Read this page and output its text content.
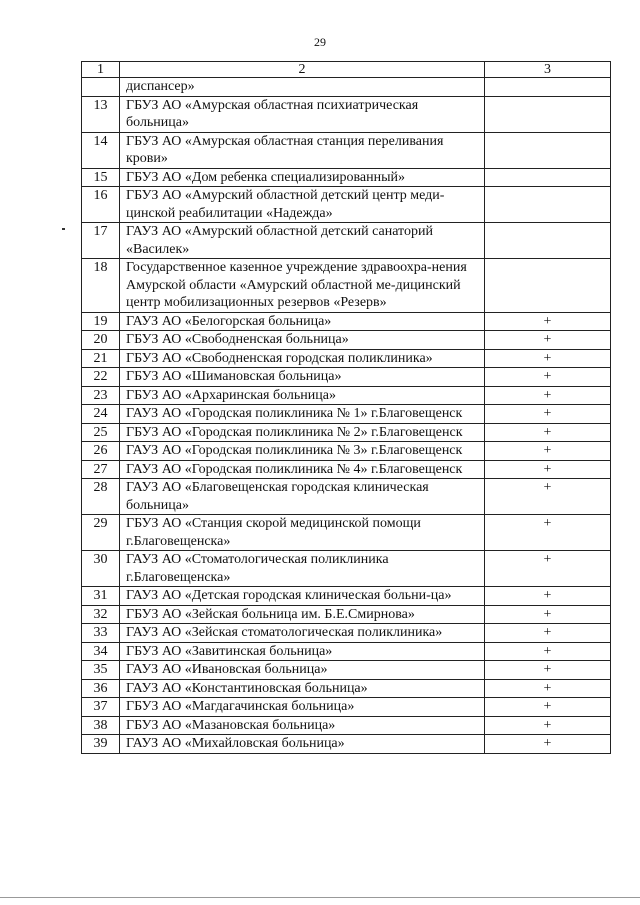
29
1	2	3
	диспансер»	
13	ГБУЗ АО «Амурская областная психиатрическая больница»	
14	ГБУЗ АО «Амурская областная станция переливания крови»	
15	ГБУЗ АО «Дом ребенка специализированный»	
16	ГБУЗ АО «Амурский областной детский центр меди-цинской реабилитации «Надежда»	
17	ГАУЗ АО «Амурский областной детский санаторий «Василек»	
18	Государственное казенное учреждение здравоохра-нения Амурской области «Амурский областной ме-дицинский центр мобилизационных резервов «Резерв»	
19	ГАУЗ АО «Белогорская больница»	+
20	ГБУЗ АО «Свободненская больница»	+
21	ГБУЗ АО «Свободненская городская поликлиника»	+
22	ГБУЗ АО «Шимановская больница»	+
23	ГБУЗ АО «Архаринская больница»	+
24	ГАУЗ АО «Городская поликлиника № 1» г.Благовещенск	+
25	ГБУЗ АО «Городская поликлиника № 2» г.Благовещенск	+
26	ГАУЗ АО «Городская поликлиника № 3» г.Благовещенск	+
27	ГАУЗ АО «Городская поликлиника № 4» г.Благовещенск	+
28	ГАУЗ АО «Благовещенская городская клиническая больница»	+
29	ГБУЗ АО «Станция скорой медицинской помощи г.Благовещенска»	+
30	ГАУЗ АО «Стоматологическая поликлиника г.Благовещенска»	+
31	ГАУЗ АО «Детская городская клиническая больни-ца»	+
32	ГБУЗ АО «Зейская больница им. Б.Е.Смирнова»	+
33	ГАУЗ АО «Зейская стоматологическая поликлиника»	+
34	ГБУЗ АО «Завитинская больница»	+
35	ГАУЗ АО «Ивановская больница»	+
36	ГАУЗ АО «Константиновская больница»	+
37	ГБУЗ АО «Магдагачинская больница»	+
38	ГБУЗ АО «Мазановская больница»	+
39	ГАУЗ АО «Михайловская больница»	+
